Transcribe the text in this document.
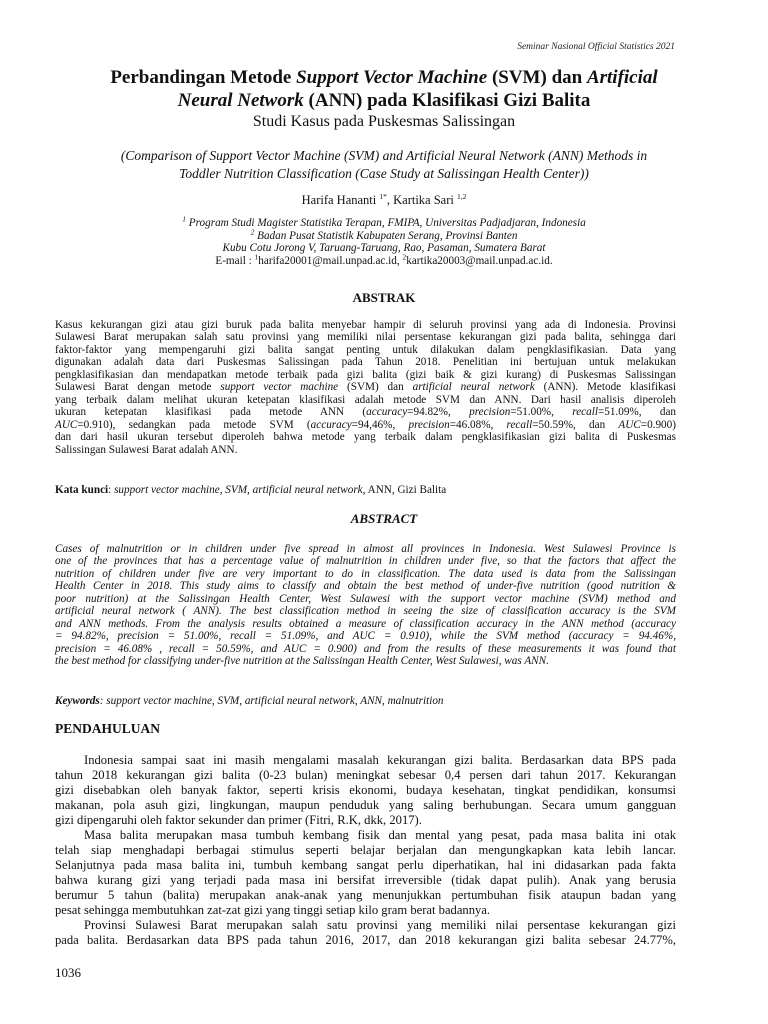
Seminar Nasional Official Statistics 2021
Perbandingan Metode Support Vector Machine (SVM) dan Artificial
Neural Network (ANN) pada Klasifikasi Gizi Balita
Studi Kasus pada Puskesmas Salissingan
(Comparison of Support Vector Machine (SVM) and Artificial Neural Network (ANN) Methods in
Toddler Nutrition Classification (Case Study at Salissingan Health Center))
Harifa Hananti $^{1*}$, Kartika Sari $^{1,2}$
$^1$ Program Studi Magister Statistika Terapan, FMIPA, Universitas Padjadjaran, Indonesia
$^2$ Badan Pusat Statistik Kabupaten Serang, Provinsi Banten
Kubu Cotu Jorong V, Taruang-Taruang, Rao, Pasaman, Sumatera Barat
E-mail : $^1$harifa20001@mail.unpad.ac.id, $^2$kartika20003@mail.unpad.ac.id.
ABSTRAK
Kasus kekurangan gizi atau gizi buruk pada balita menyebar hampir di seluruh provinsi yang ada di Indonesia. Provinsi
Sulawesi Barat merupakan salah satu provinsi yang memiliki nilai persentase kekurangan gizi pada balita, sehingga dari
faktor-faktor yang mempengaruhi gizi balita sangat penting untuk dilakukan dalam pengklasifikasian. Data yang
digunakan adalah data dari Puskesmas Salissingan pada Tahun 2018. Penelitian ini bertujuan untuk melakukan
pengklasifikasian dan mendapatkan metode terbaik pada gizi balita (gizi baik & gizi kurang) di Puskesmas Salissingan
Sulawesi Barat dengan metode support vector machine (SVM) dan artificial neural network (ANN). Metode klasifikasi
yang terbaik dalam melihat ukuran ketepatan klasifikasi adalah metode SVM dan ANN. Dari hasil analisis diperoleh
ukuran ketepatan klasifikasi pada metode ANN (accuracy=94.82%, precision=51.00%, recall=51.09%, dan
AUC=0.910), sedangkan pada metode SVM (accuracy=94,46%, precision=46.08%, recall=50.59%, dan AUC=0.900)
dan dari hasil ukuran tersebut diperoleh bahwa metode yang terbaik dalam pengklasifikasian gizi balita di Puskesmas
Salissingan Sulawesi Barat adalah ANN.
Kata kunci: support vector machine, SVM, artificial neural network, ANN, Gizi Balita
ABSTRACT
Cases of malnutrition or in children under five spread in almost all provinces in Indonesia. West Sulawesi Province is
one of the provinces that has a percentage value of malnutrition in children under five, so that the factors that affect the
nutrition of children under five are very important to do in classification. The data used is data from the Salissingan
Health Center in 2018. This study aims to classify and obtain the best method of under-five nutrition (good nutrition &
poor nutrition) at the Salissingan Health Center, West Sulawesi with the support vector machine (SVM) method and
artificial neural network ( ANN). The best classification method in seeing the size of classification accuracy is the SVM
and ANN methods. From the analysis results obtained a measure of classification accuracy in the ANN method (accuracy
= 94.82%, precision = 51.00%, recall = 51.09%, and AUC = 0.910), while the SVM method (accuracy = 94.46%,
precision = 46.08% , recall = 50.59%, and AUC = 0.900) and from the results of these measurements it was found that
the best method for classifying under-five nutrition at the Salissingan Health Center, West Sulawesi, was ANN.
Keywords: support vector machine, SVM, artificial neural network, ANN, malnutrition
PENDAHULUAN
Indonesia sampai saat ini masih mengalami masalah kekurangan gizi balita. Berdasarkan data BPS pada
tahun 2018 kekurangan gizi balita (0-23 bulan) meningkat sebesar 0,4 persen dari tahun 2017. Kekurangan
gizi disebabkan oleh banyak faktor, seperti krisis ekonomi, budaya kesehatan, tingkat pendidikan, konsumsi
makanan, pola asuh gizi, lingkungan, maupun penduduk yang saling berhubungan. Secara umum gangguan
gizi dipengaruhi oleh faktor sekunder dan primer (Fitri, R.K, dkk, 2017).
Masa balita merupakan masa tumbuh kembang fisik dan mental yang pesat, pada masa balita ini otak
telah siap menghadapi berbagai stimulus seperti belajar berjalan dan mengungkapkan kata lebih lancar.
Selanjutnya pada masa balita ini, tumbuh kembang sangat perlu diperhatikan, hal ini didasarkan pada fakta
bahwa kurang gizi yang terjadi pada masa ini bersifat irreversible (tidak dapat pulih). Anak yang berusia
berumur 5 tahun (balita) merupakan anak-anak yang menunjukkan pertumbuhan fisik ataupun badan yang
pesat sehingga membutuhkan zat-zat gizi yang tinggi setiap kilo gram berat badannya.
Provinsi Sulawesi Barat merupakan salah satu provinsi yang memiliki nilai persentase kekurangan gizi
pada balita. Berdasarkan data BPS pada tahun 2016, 2017, dan 2018 kekurangan gizi balita sebesar 24.77%,
1036
